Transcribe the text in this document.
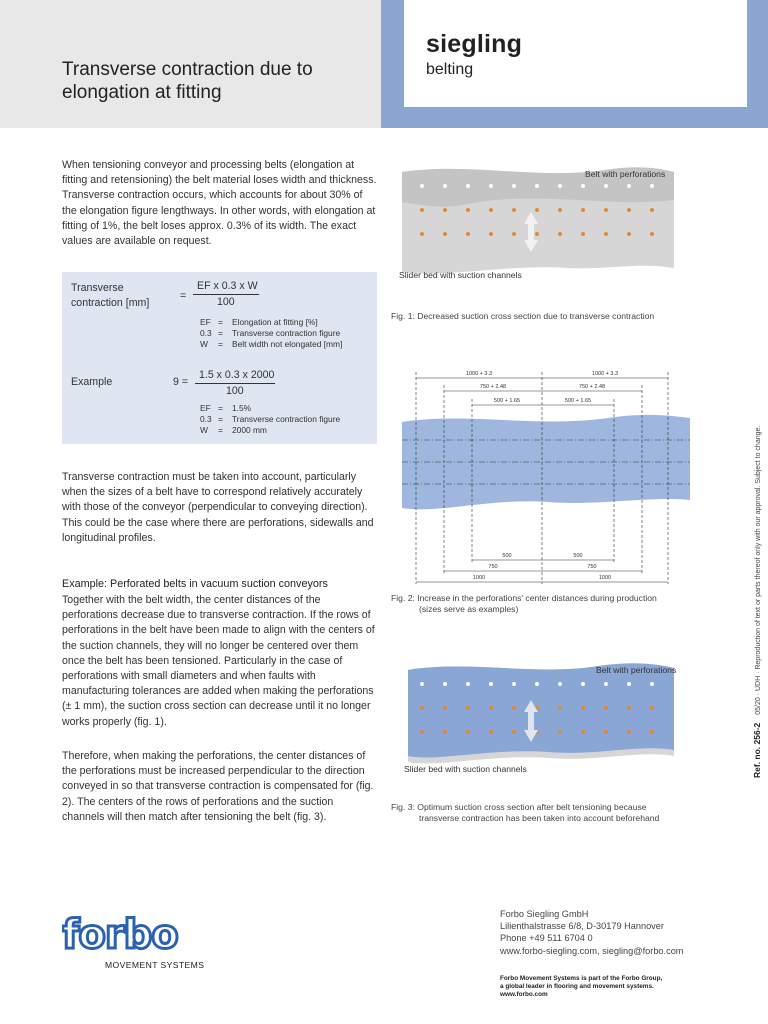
Transverse contraction due to
elongation at fitting
siegling
belting

When tensioning conveyor and processing belts (elongation at fitting and retensioning) the belt material loses width and thickness. Transverse contraction occurs, which accounts for about 30% of the elongation figure lengthways. In other words, with elongation at fitting of 1%, the belt loses approx. 0.3% of its width. The exact values are available on request.

Transverse
contraction [mm]
=
EF x 0.3 x W
100
EF = Elongation at fitting [%]
0.3 = Transverse contraction figure
W = Belt width not elongated [mm]
Example	9 =
1.5 x 0.3 x 2000
100
EF = 1.5%
0.3 = Transverse contraction figure
W = 2000 mm

Transverse contraction must be taken into account, particularly when the sizes of a belt have to correspond relatively accurately with those of the conveyor (perpendicular to conveying direction). This could be the case where there are perforations, sidewalls and longitudinal profiles.

Example: Perforated belts in vacuum suction conveyors

Together with the belt width, the center distances of the perforations decrease due to transverse contraction. If the rows of perforations in the belt have been made to align with the centers of the suction channels, they will no longer be centered over them once the belt has been tensioned. Particularly in the case of perforations with small diameters and when faults with manufacturing tolerances are added when making the perforations (± 1 mm), the suction cross section can decrease until it no longer works properly (fig. 1).

Therefore, when making the perforations, the center distances of the perforations must be increased perpendicular to the direction conveyed in so that transverse contraction is compensated for (fig. 2). The centers of the rows of perforations and the suction channels will then match after tensioning the belt (fig. 3).

Belt with perforations
Slider bed with suction channels
Fig. 1: Decreased suction cross section due to transverse contraction
1000 + 3.3	1000 + 3.3
750 + 2.48	750 + 2.48
500 + 1.65	500 + 1.65
500	500
750	750
1000	1000
Fig. 2: Increase in the perforations' center distances during production
(sizes serve as examples)
Belt with perforations
Slider bed with suction channels
Fig. 3: Optimum suction cross section after belt tensioning because
transverse contraction has been taken into account beforehand
Ref. no. 256-2 05/20 · UDH · Reproduction of text or parts thereof only with our approval. Subject to change.
forbo
MOVEMENT SYSTEMS
Forbo Siegling GmbH
Lilienthalstrasse 6/8, D-30179 Hannover
Phone +49 511 6704 0
www.forbo-siegling.com, siegling@forbo.com
Forbo Movement Systems is part of the Forbo Group,
a global leader in flooring and movement systems.
www.forbo.com
